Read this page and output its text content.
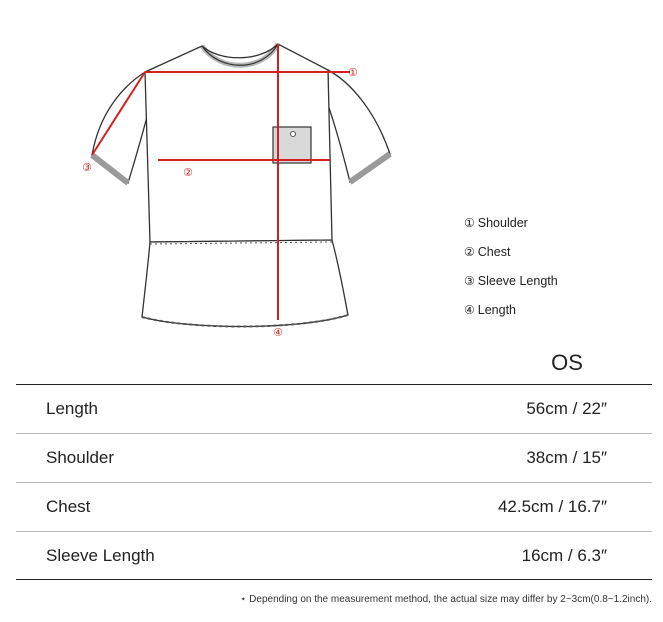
①
②
③
④
① Shoulder
② Chest
③ Sleeve Length
④ Length
OS
Length	56cm / 22″
Shoulder	38cm / 15″
Chest	42.5cm / 16.7″
Sleeve Length	16cm / 6.3″
⋆ Depending on the measurement method, the actual size may differ by 2~3cm(0.8~1.2inch).
